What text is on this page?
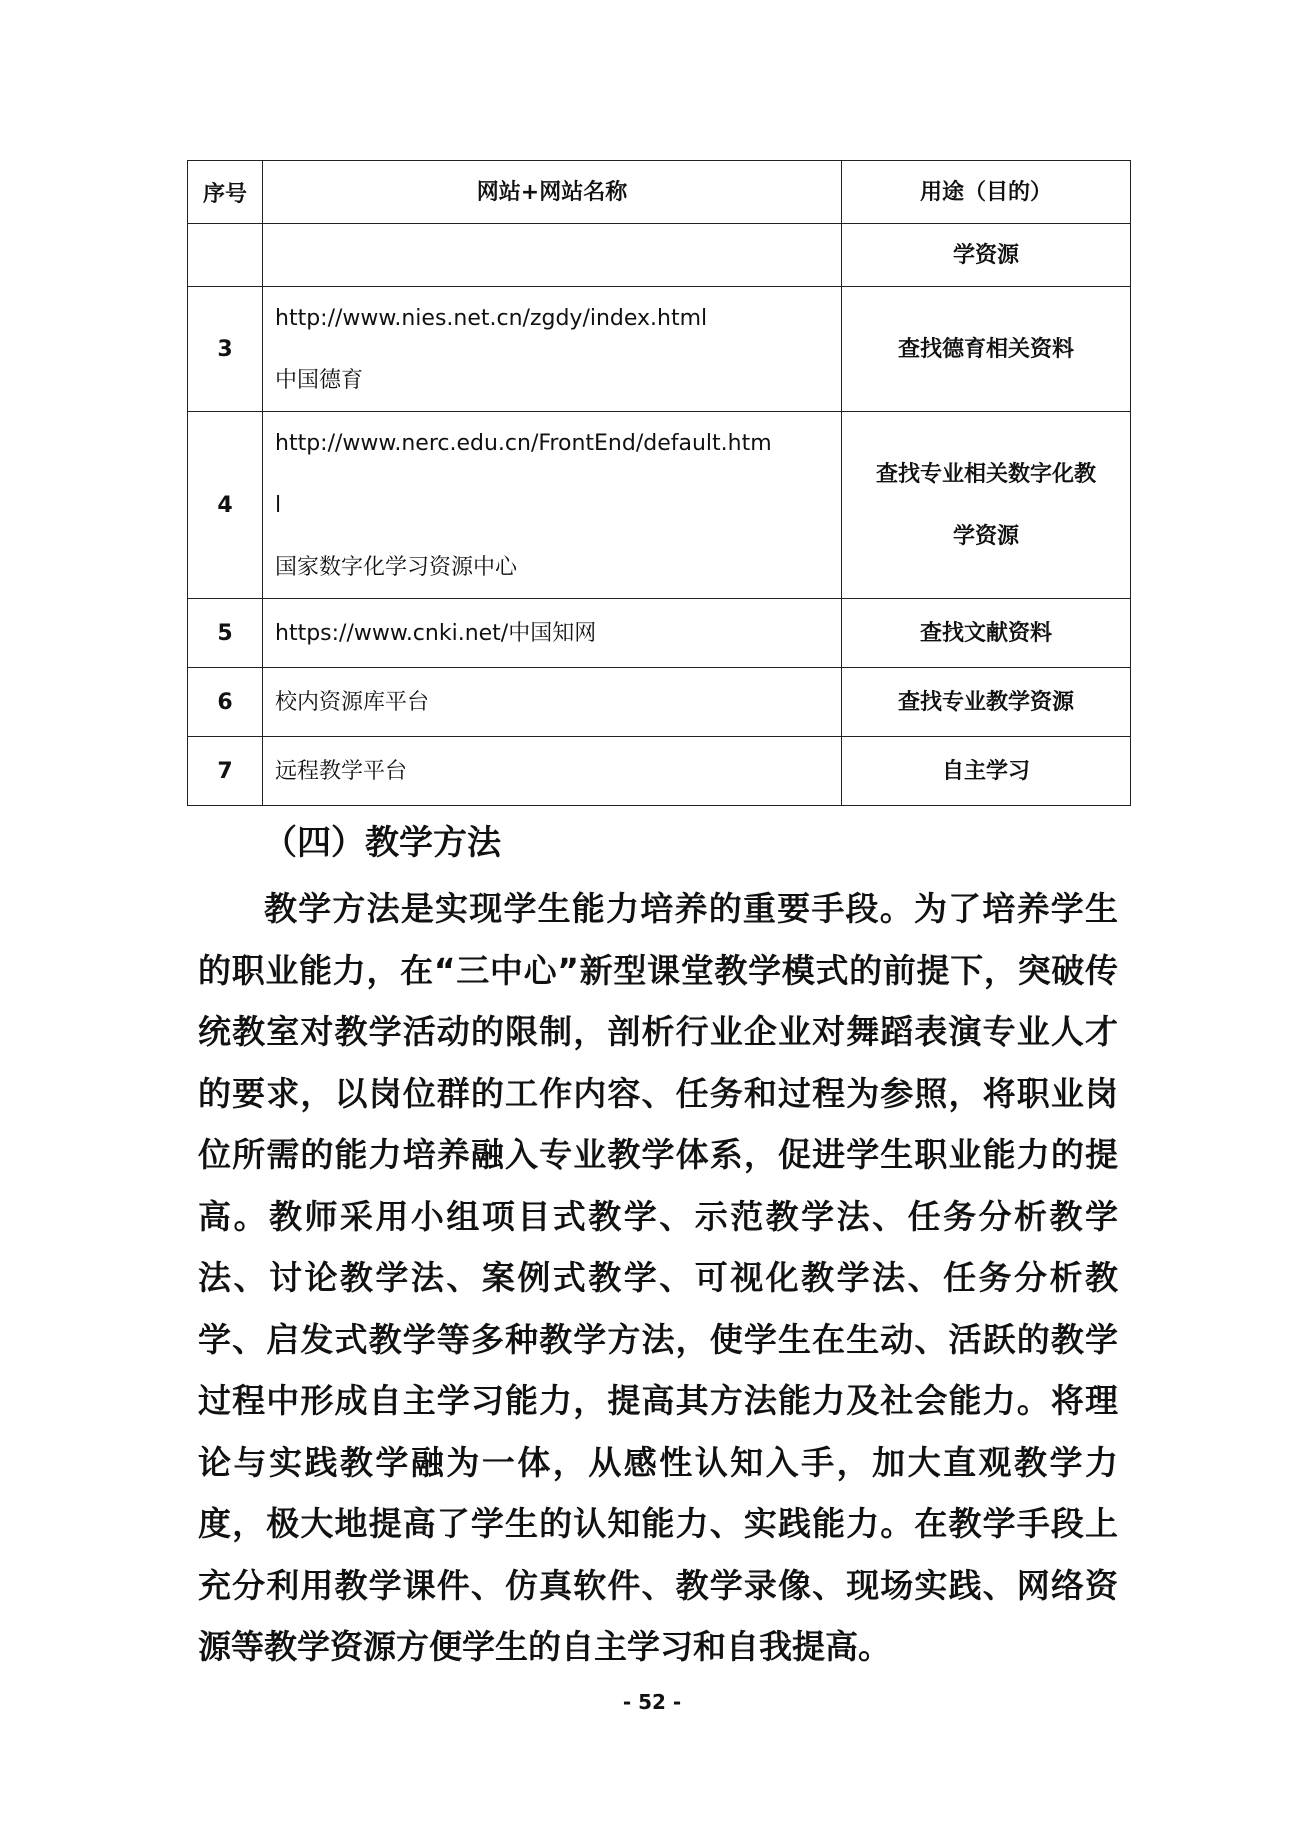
序号	网站+网站名称	用途（目的）

		学资源

3	http://www.nies.net.cn/zgdy/index.html
中国德育	查找德育相关资料

4	http://www.nerc.edu.cn/FrontEnd/default.htm
l
国家数字化学习资源中心	查找专业相关数字化教
学资源

5	https://www.cnki.net/中国知网	查找文献资料

6	校内资源库平台	查找专业教学资源

7	远程教学平台	自主学习
（四）教学方法

教学方法是实现学生能力培养的重要手段。为了培养学生的职业能力，在“三中心”新型课堂教学模式的前提下，突破传统教室对教学活动的限制，剖析行业企业对舞蹈表演专业人才的要求，以岗位群的工作内容、任务和过程为参照，将职业岗位所需的能力培养融入专业教学体系，促进学生职业能力的提高。教师采用小组项目式教学、示范教学法、任务分析教学法、讨论教学法、案例式教学、可视化教学法、任务分析教学、启发式教学等多种教学方法，使学生在生动、活跃的教学过程中形成自主学习能力，提高其方法能力及社会能力。将理论与实践教学融为一体，从感性认知入手，加大直观教学力度，极大地提高了学生的认知能力、实践能力。在教学手段上充分利用教学课件、仿真软件、教学录像、现场实践、网络资源等教学资源方便学生的自主学习和自我提高。

- 52 -
